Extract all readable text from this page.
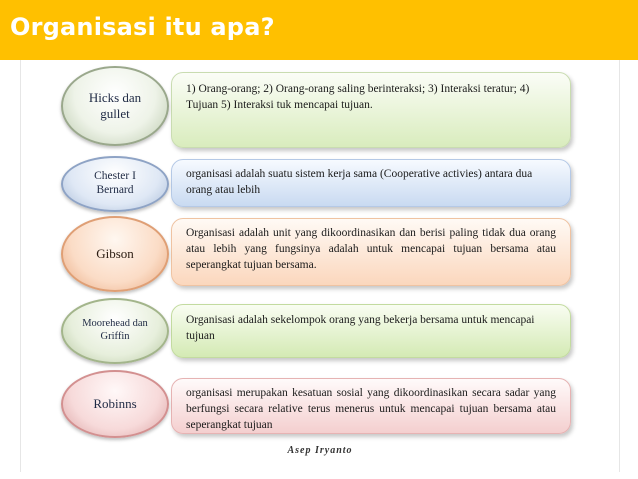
Organisasi itu apa?
1) Orang-orang; 2) Orang-orang saling berinteraksi; 3) Interaksi teratur; 4) Tujuan 5) Interaksi tuk mencapai tujuan.
Hicks dan gullet
organisasi adalah suatu sistem kerja sama (Cooperative activies) antara dua orang atau lebih
Chester I Bernard
Organisasi adalah unit yang dikoordinasikan dan berisi paling tidak dua orang atau lebih yang fungsinya adalah untuk mencapai tujuan bersama atau seperangkat tujuan bersama.
Gibson
Organisasi adalah sekelompok orang yang bekerja bersama untuk mencapai tujuan
Moorehead dan Griffin
organisasi merupakan kesatuan sosial yang dikoordinasikan secara sadar yang berfungsi secara relative terus menerus untuk mencapai tujuan bersama atau seperangkat tujuan
Robinns
Asep Iryanto
